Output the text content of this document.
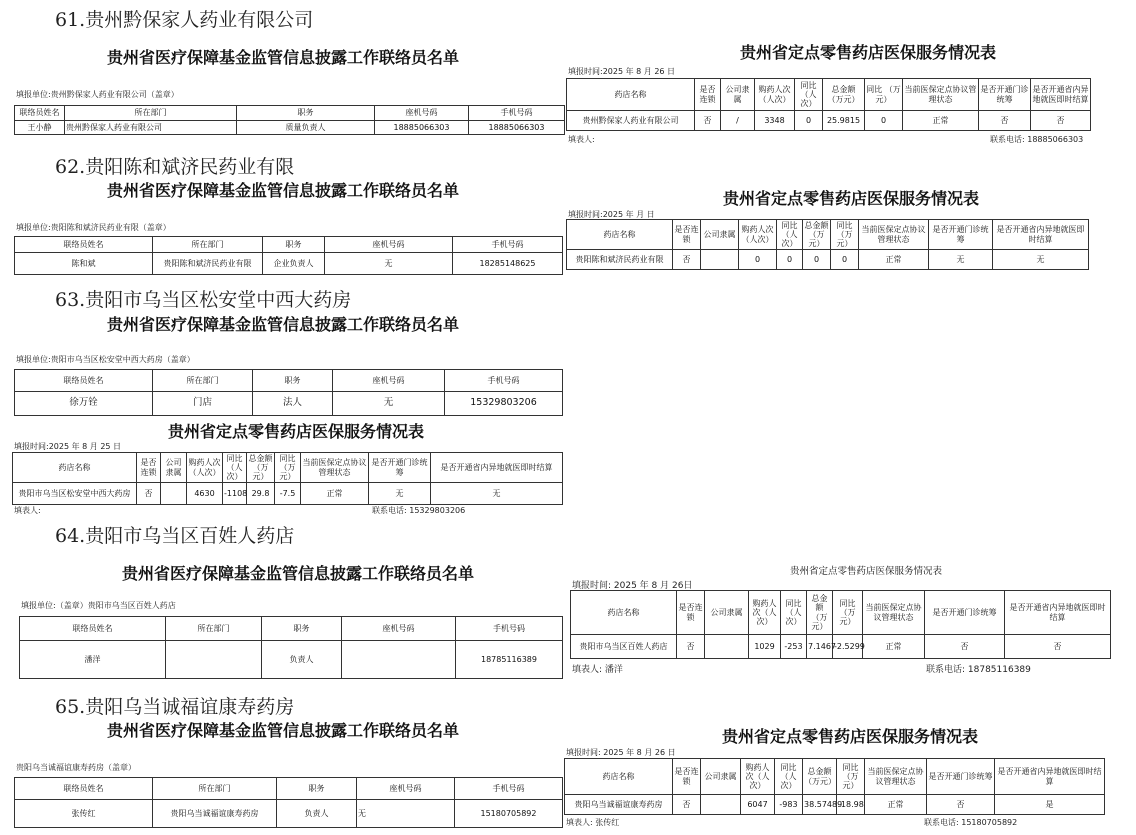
61.贵州黔保家人药业有限公司
贵州省医疗保障基金监管信息披露工作联络员名单
填报单位:贵州黔保家人药业有限公司（盖章）
联络员姓名	所在部门	职务	座机号码	手机号码
王小静	贵州黔保家人药业有限公司	质量负责人	18885066303	18885066303
贵州省定点零售药店医保服务情况表
填报时间:2025 年 8 月 26 日
药店名称	是否连锁	公司隶属	购药人次（人次）	同比（人次）	总金额（万元）	同比 （万元）	当前医保定点协议管理状态	是否开通门诊统筹	是否开通省内异地就医即时结算
贵州黔保家人药业有限公司	否	/	3348	0	25.9815	0	正常	否	否
填表人:	联系电话: 18885066303
62.贵阳陈和斌济民药业有限
贵州省医疗保障基金监管信息披露工作联络员名单
填报单位:贵阳陈和斌济民药业有限（盖章）
联络员姓名	所在部门	职务	座机号码	手机号码
陈和斌	贵阳陈和斌济民药业有限	企业负责人	无	18285148625
贵州省定点零售药店医保服务情况表
填报时间:2025 年 月 日
药店名称	是否连锁	公司隶属	购药人次（人次）	同比（人次）	总金额（万元）	同比（万元）	当前医保定点协议管理状态	是否开通门诊统筹	是否开通省内异地就医即时结算
贵阳陈和斌济民药业有限	否		0	0	0	0	正常	无	无
63.贵阳市乌当区松安堂中西大药房
贵州省医疗保障基金监管信息披露工作联络员名单
填报单位:贵阳市乌当区松安堂中西大药房（盖章）
联络员姓名	所在部门	职务	座机号码	手机号码
徐万铨	门店	法人	无	15329803206
贵州省定点零售药店医保服务情况表
填报时间:2025 年 8 月 25 日
药店名称	是否连锁	公司隶属	购药人次（人次）	同比（人次）	总金额（万元）	同比（万元）	当前医保定点协议管理状态	是否开通门诊统筹	是否开通省内异地就医即时结算
贵阳市乌当区松安堂中西大药房	否		4630	-1108	29.8	-7.5	正常	无	无
填表人:	联系电话: 15329803206
64.贵阳市乌当区百姓人药店
贵州省医疗保障基金监管信息披露工作联络员名单
填报单位:（盖章）贵阳市乌当区百姓人药店
联络员姓名	所在部门	职务	座机号码	手机号码
潘洋		负责人		18785116389
贵州省定点零售药店医保服务情况表
填报时间: 2025 年 8 月 26日
药店名称	是否连锁	公司隶属	购药人次（人次）	同比（人次）	总金额（万元）	同比（万元）	当前医保定点协议管理状态	是否开通门诊统筹	是否开通省内异地就医即时结算
贵阳市乌当区百姓人药店	否		1029	-253	7.1467	-2.5299	正常	否	否
填表人: 潘洋	联系电话: 18785116389
65.贵阳乌当诚福谊康寿药房
贵州省医疗保障基金监管信息披露工作联络员名单
贵阳乌当诚福谊康寿药房（盖章）
联络员姓名	所在部门	职务	座机号码	手机号码
张传红	贵阳乌当诚福谊康寿药房	负责人	无	15180705892
贵州省定点零售药店医保服务情况表
填报时间: 2025 年 8 月 26 日
药店名称	是否连锁	公司隶属	购药人次（人次）	同比（人次）	总金额（万元）	同比（万元）	当前医保定点协议管理状态	是否开通门诊统筹	是否开通省内异地就医即时结算
贵阳乌当诚福谊康寿药房	否		6047	-983	38.57489	-18.98	正常	否	是
填表人: 张传红	联系电话: 15180705892
